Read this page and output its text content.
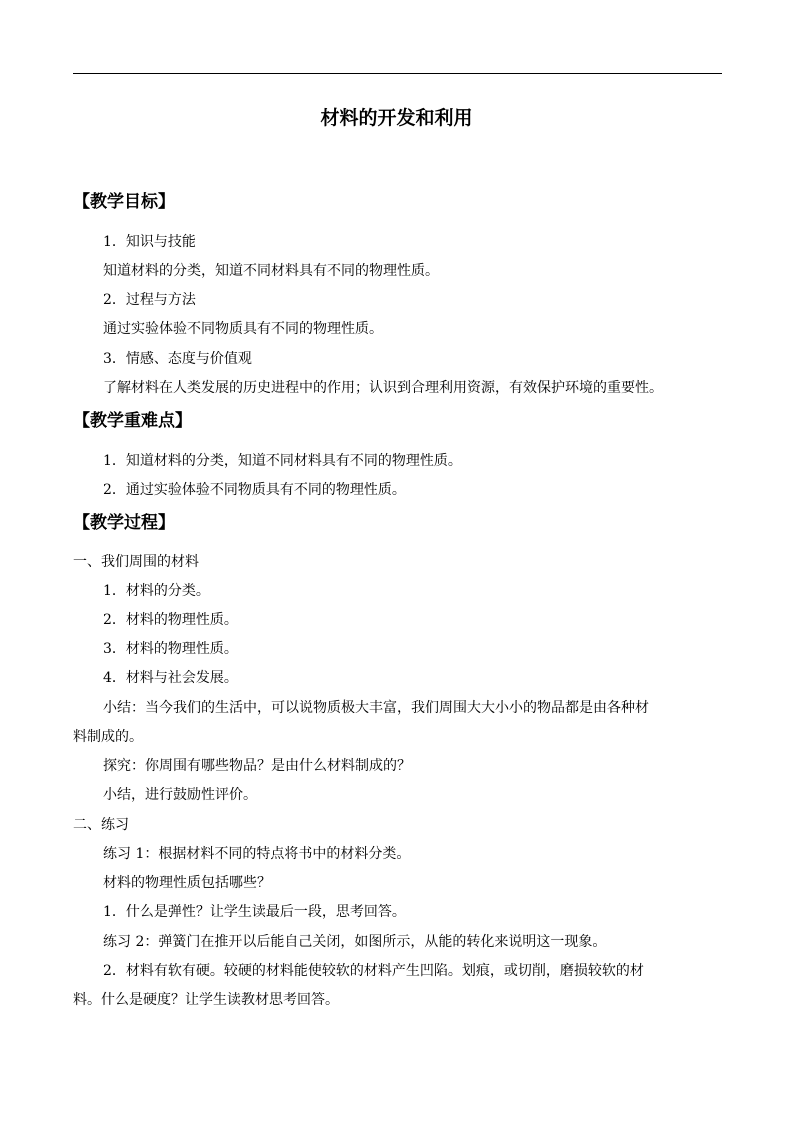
材料的开发和利用
【教学目标】

1．知识与技能

知道材料的分类，知道不同材料具有不同的物理性质。

2．过程与方法

通过实验体验不同物质具有不同的物理性质。

3．情感、态度与价值观

了解材料在人类发展的历史进程中的作用；认识到合理利用资源，有效保护环境的重要性。

【教学重难点】

1．知道材料的分类，知道不同材料具有不同的物理性质。

2．通过实验体验不同物质具有不同的物理性质。

【教学过程】

一、我们周围的材料

1．材料的分类。

2．材料的物理性质。

3．材料的物理性质。

4．材料与社会发展。

小结：当今我们的生活中，可以说物质极大丰富，我们周围大大小小的物品都是由各种材

料制成的。

探究：你周围有哪些物品？是由什么材料制成的？

小结，进行鼓励性评价。

二、练习

练习 1：根据材料不同的特点将书中的材料分类。

材料的物理性质包括哪些？

1．什么是弹性？让学生读最后一段，思考回答。

练习 2：弹簧门在推开以后能自己关闭，如图所示，从能的转化来说明这一现象。

2．材料有软有硬。较硬的材料能使较软的材料产生凹陷。划痕，或切削，磨损较软的材

料。什么是硬度？让学生读教材思考回答。
